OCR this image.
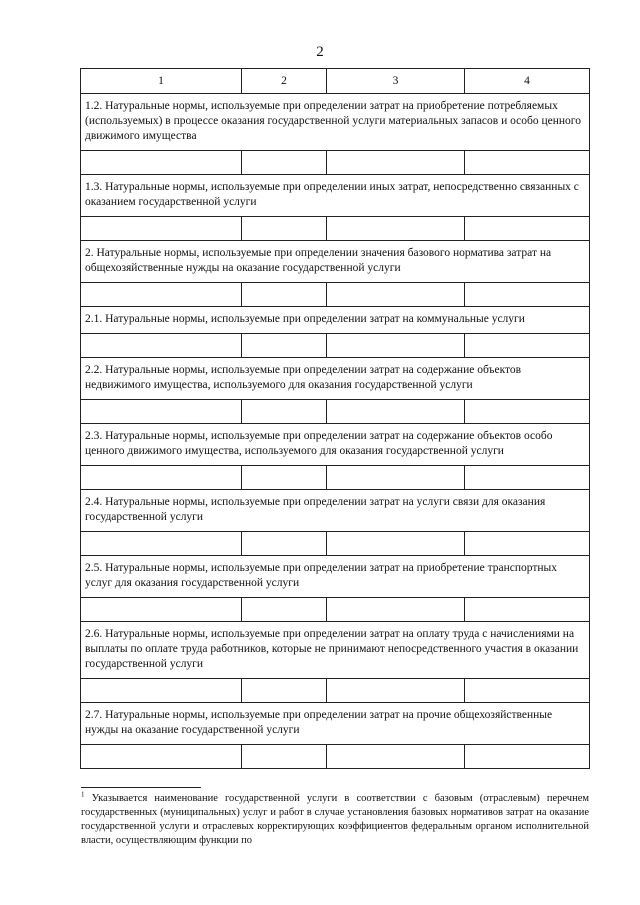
2
1	2	3	4
1.2. Натуральные нормы, используемые при определении затрат на приобретение потребляемых (используемых) в процессе оказания государственной услуги материальных запасов и особо ценного движимого имущества			

1.3. Натуральные нормы, используемые при определении иных затрат, непосредственно связанных с оказанием государственной услуги			

2. Натуральные нормы, используемые при определении значения базового норматива затрат на общехозяйственные нужды на оказание государственной услуги			

2.1. Натуральные нормы, используемые при определении затрат на коммунальные услуги			

2.2. Натуральные нормы, используемые при определении затрат на содержание объектов недвижимого имущества, используемого для оказания государственной услуги			

2.3. Натуральные нормы, используемые при определении затрат на содержание объектов особо ценного движимого имущества, используемого для оказания государственной услуги			

2.4. Натуральные нормы, используемые при определении затрат на услуги связи для оказания государственной услуги			

2.5. Натуральные нормы, используемые при определении затрат на приобретение транспортных услуг для оказания государственной услуги			

2.6. Натуральные нормы, используемые при определении затрат на оплату труда с начислениями на выплаты по оплате труда работников, которые не принимают непосредственного участия в оказании государственной услуги			

2.7. Натуральные нормы, используемые при определении затрат на прочие общехозяйственные нужды на оказание государственной услуги			

$^1$ Указывается наименование государственной услуги в соответствии с базовым (отраслевым) перечнем государственных (муниципальных) услуг и работ в случае установления базовых нормативов затрат на оказание государственной услуги и отраслевых корректирующих коэффициентов федеральным органом исполнительной власти, осуществляющим функции по
